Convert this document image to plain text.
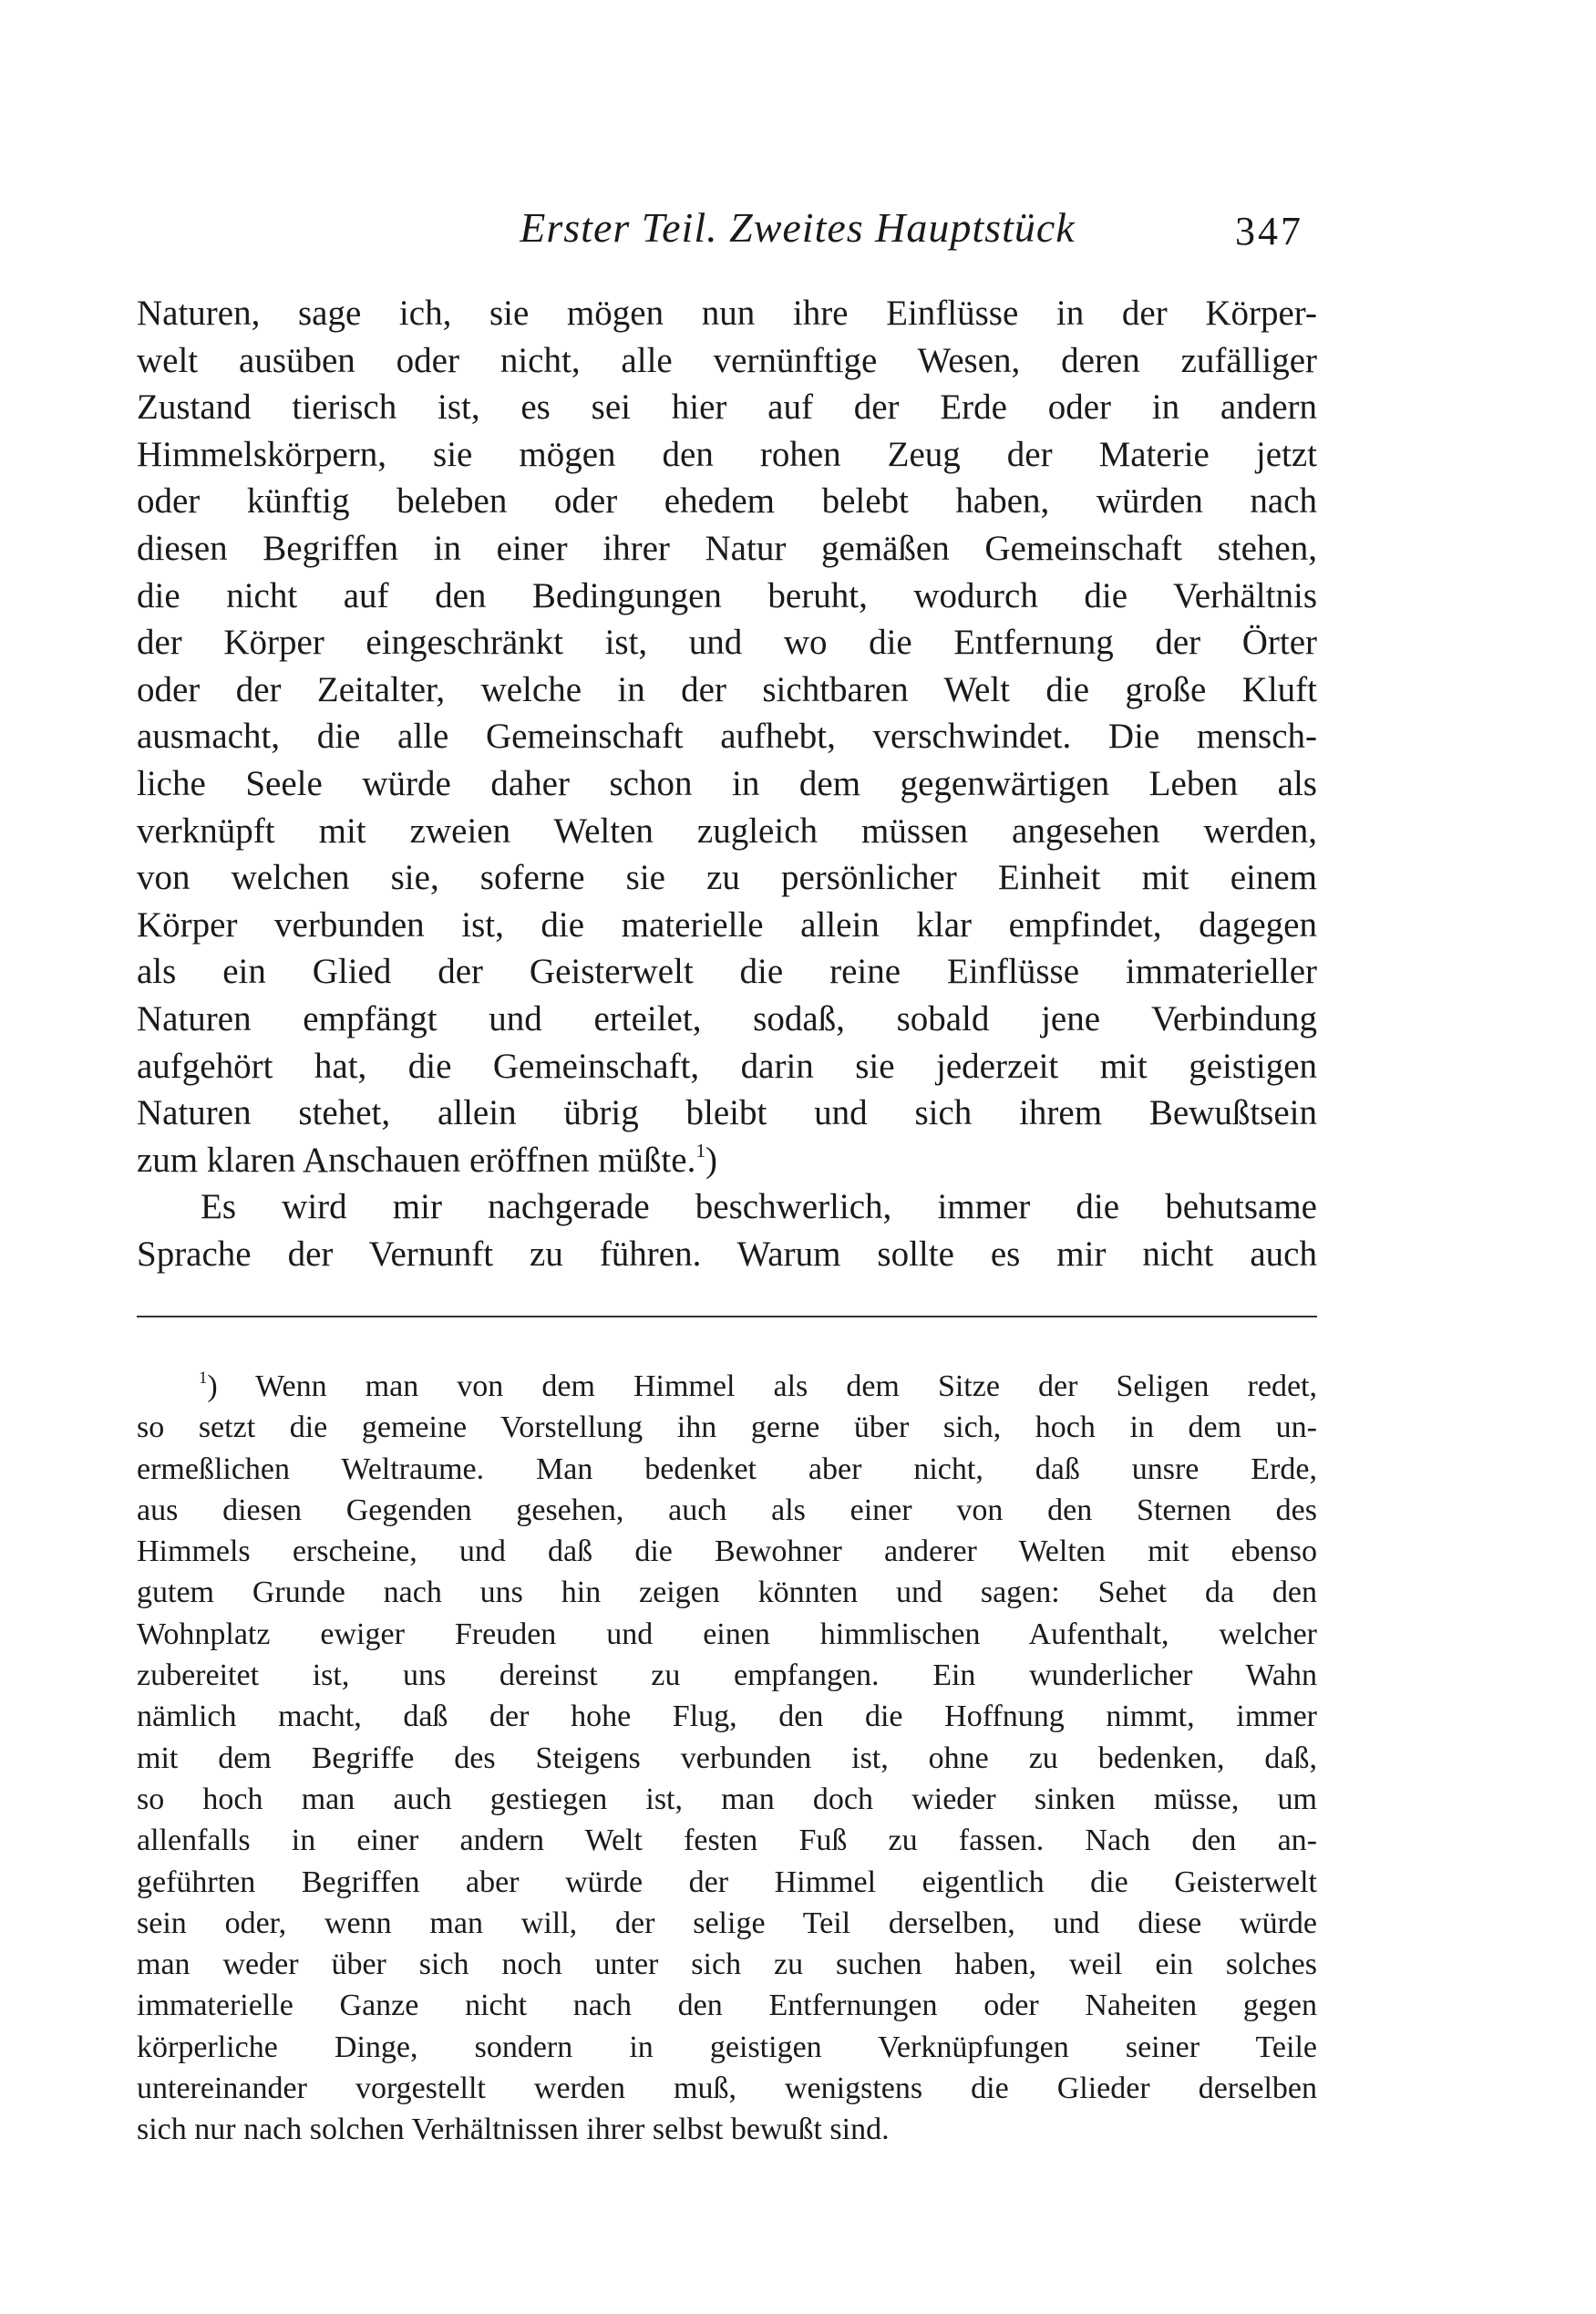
Erster Teil. Zweites Hauptstück	347
Naturen, sage ich, sie mögen nun ihre Einflüsse in der Körper-
welt ausüben oder nicht, alle vernünftige Wesen, deren zufälliger
Zustand tierisch ist, es sei hier auf der Erde oder in andern
Himmelskörpern, sie mögen den rohen Zeug der Materie jetzt
oder künftig beleben oder ehedem belebt haben, würden nach
diesen Begriffen in einer ihrer Natur gemäßen Gemeinschaft stehen,
die nicht auf den Bedingungen beruht, wodurch die Verhältnis
der Körper eingeschränkt ist, und wo die Entfernung der Örter
oder der Zeitalter, welche in der sichtbaren Welt die große Kluft
ausmacht, die alle Gemeinschaft aufhebt, verschwindet. Die mensch-
liche Seele würde daher schon in dem gegenwärtigen Leben als
verknüpft mit zweien Welten zugleich müssen angesehen werden,
von welchen sie, soferne sie zu persönlicher Einheit mit einem
Körper verbunden ist, die materielle allein klar empfindet, dagegen
als ein Glied der Geisterwelt die reine Einflüsse immaterieller
Naturen empfängt und erteilet, sodaß, sobald jene Verbindung
aufgehört hat, die Gemeinschaft, darin sie jederzeit mit geistigen
Naturen stehet, allein übrig bleibt und sich ihrem Bewußtsein
zum klaren Anschauen eröffnen müßte.$^1$)
Es wird mir nachgerade beschwerlich, immer die behutsame
Sprache der Vernunft zu führen. Warum sollte es mir nicht auch
$^1$) Wenn man von dem Himmel als dem Sitze der Seligen redet,
so setzt die gemeine Vorstellung ihn gerne über sich, hoch in dem un-
ermeßlichen Weltraume. Man bedenket aber nicht, daß unsre Erde,
aus diesen Gegenden gesehen, auch als einer von den Sternen des
Himmels erscheine, und daß die Bewohner anderer Welten mit ebenso
gutem Grunde nach uns hin zeigen könnten und sagen: Sehet da den
Wohnplatz ewiger Freuden und einen himmlischen Aufenthalt, welcher
zubereitet ist, uns dereinst zu empfangen. Ein wunderlicher Wahn
nämlich macht, daß der hohe Flug, den die Hoffnung nimmt, immer
mit dem Begriffe des Steigens verbunden ist, ohne zu bedenken, daß,
so hoch man auch gestiegen ist, man doch wieder sinken müsse, um
allenfalls in einer andern Welt festen Fuß zu fassen. Nach den an-
geführten Begriffen aber würde der Himmel eigentlich die Geisterwelt
sein oder, wenn man will, der selige Teil derselben, und diese würde
man weder über sich noch unter sich zu suchen haben, weil ein solches
immaterielle Ganze nicht nach den Entfernungen oder Naheiten gegen
körperliche Dinge, sondern in geistigen Verknüpfungen seiner Teile
untereinander vorgestellt werden muß, wenigstens die Glieder derselben
sich nur nach solchen Verhältnissen ihrer selbst bewußt sind.
